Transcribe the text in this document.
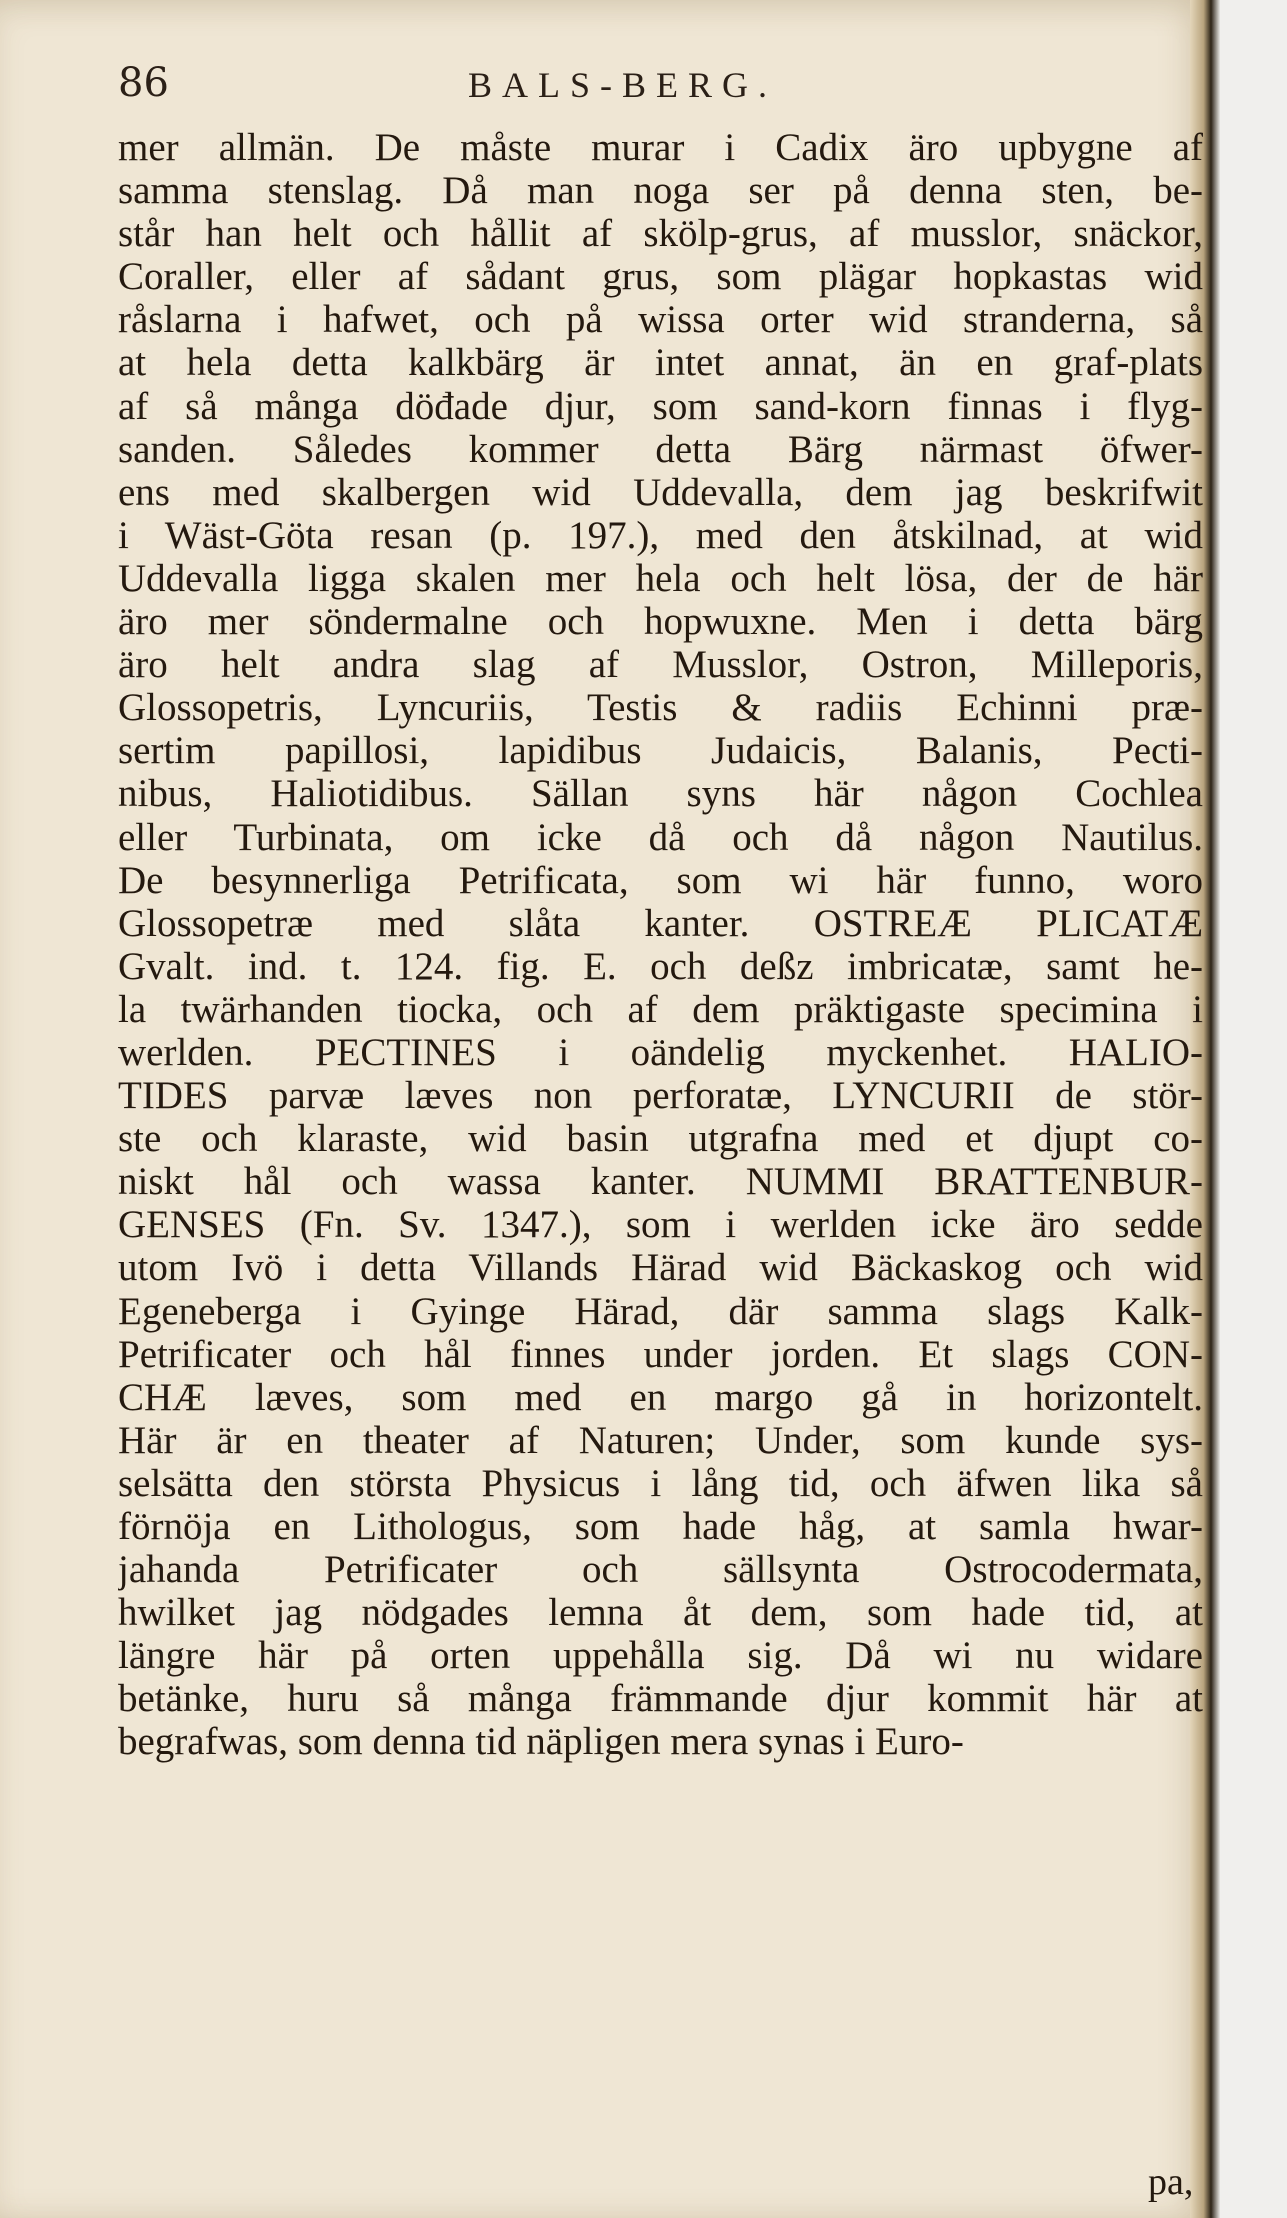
86	BALS-BERG.
mer allmän. De måste murar i Cadix äro upbygne af
samma stenslag. Då man noga ser på denna sten, be-
står han helt och hållit af skölp-grus, af musslor, snäckor,
Coraller, eller af sådant grus, som plägar hopkastas wid
råslarna i hafwet, och på wissa orter wid stranderna, så
at hela detta kalkbärg är intet annat, än en graf-plats
af så många döđade djur, som sand-korn finnas i flyg-
sanden. Således kommer detta Bärg närmast öfwer-
ens med skalbergen wid Uddevalla, dem jag beskrifwit
i Wäst-Göta resan (p. 197.), med den åtskilnad, at wid
Uddevalla ligga skalen mer hela och helt lösa, der de här
äro mer söndermalne och hopwuxne. Men i detta bärg
äro helt andra slag af Musslor, Ostron, Milleporis,
Glossopetris, Lyncuriis, Testis & radiis Echinni præ-
sertim papillosi, lapidibus Judaicis, Balanis, Pecti-
nibus, Haliotidibus. Sällan syns här någon Cochlea
eller Turbinata, om icke då och då någon Nautilus.
De besynnerliga Petrificata, som wi här funno, woro
Glossopetræ med slåta kanter. OSTREÆ PLICATÆ
Gvalt. ind. t. 124. fig. E. och deßz imbricatæ, samt he-
la twärhanden tiocka, och af dem präktigaste specimina i
werlden. PECTINES i oändelig myckenhet. HALIO-
TIDES parvæ læves non perforatæ, LYNCURII de stör-
ste och klaraste, wid basin utgrafna med et djupt co-
niskt hål och wassa kanter. NUMMI BRATTENBUR-
GENSES (Fn. Sv. 1347.), som i werlden icke äro sedde
utom Ivö i detta Villands Härad wid Bäckaskog och wid
Egeneberga i Gyinge Härad, där samma slags Kalk-
Petrificater och hål finnes under jorden. Et slags CON-
CHÆ læves, som med en margo gå in horizontelt.
Här är en theater af Naturen; Under, som kunde sys-
selsätta den största Physicus i lång tid, och äfwen lika så
förnöja en Lithologus, som hade håg, at samla hwar-
jahanda Petrificater och sällsynta Ostrocodermata,
hwilket jag nödgades lemna åt dem, som hade tid, at
längre här på orten uppehålla sig. Då wi nu widare
betänke, huru så många främmande djur kommit här at
begrafwas, som denna tid näpligen mera synas i Euro-
pa,
